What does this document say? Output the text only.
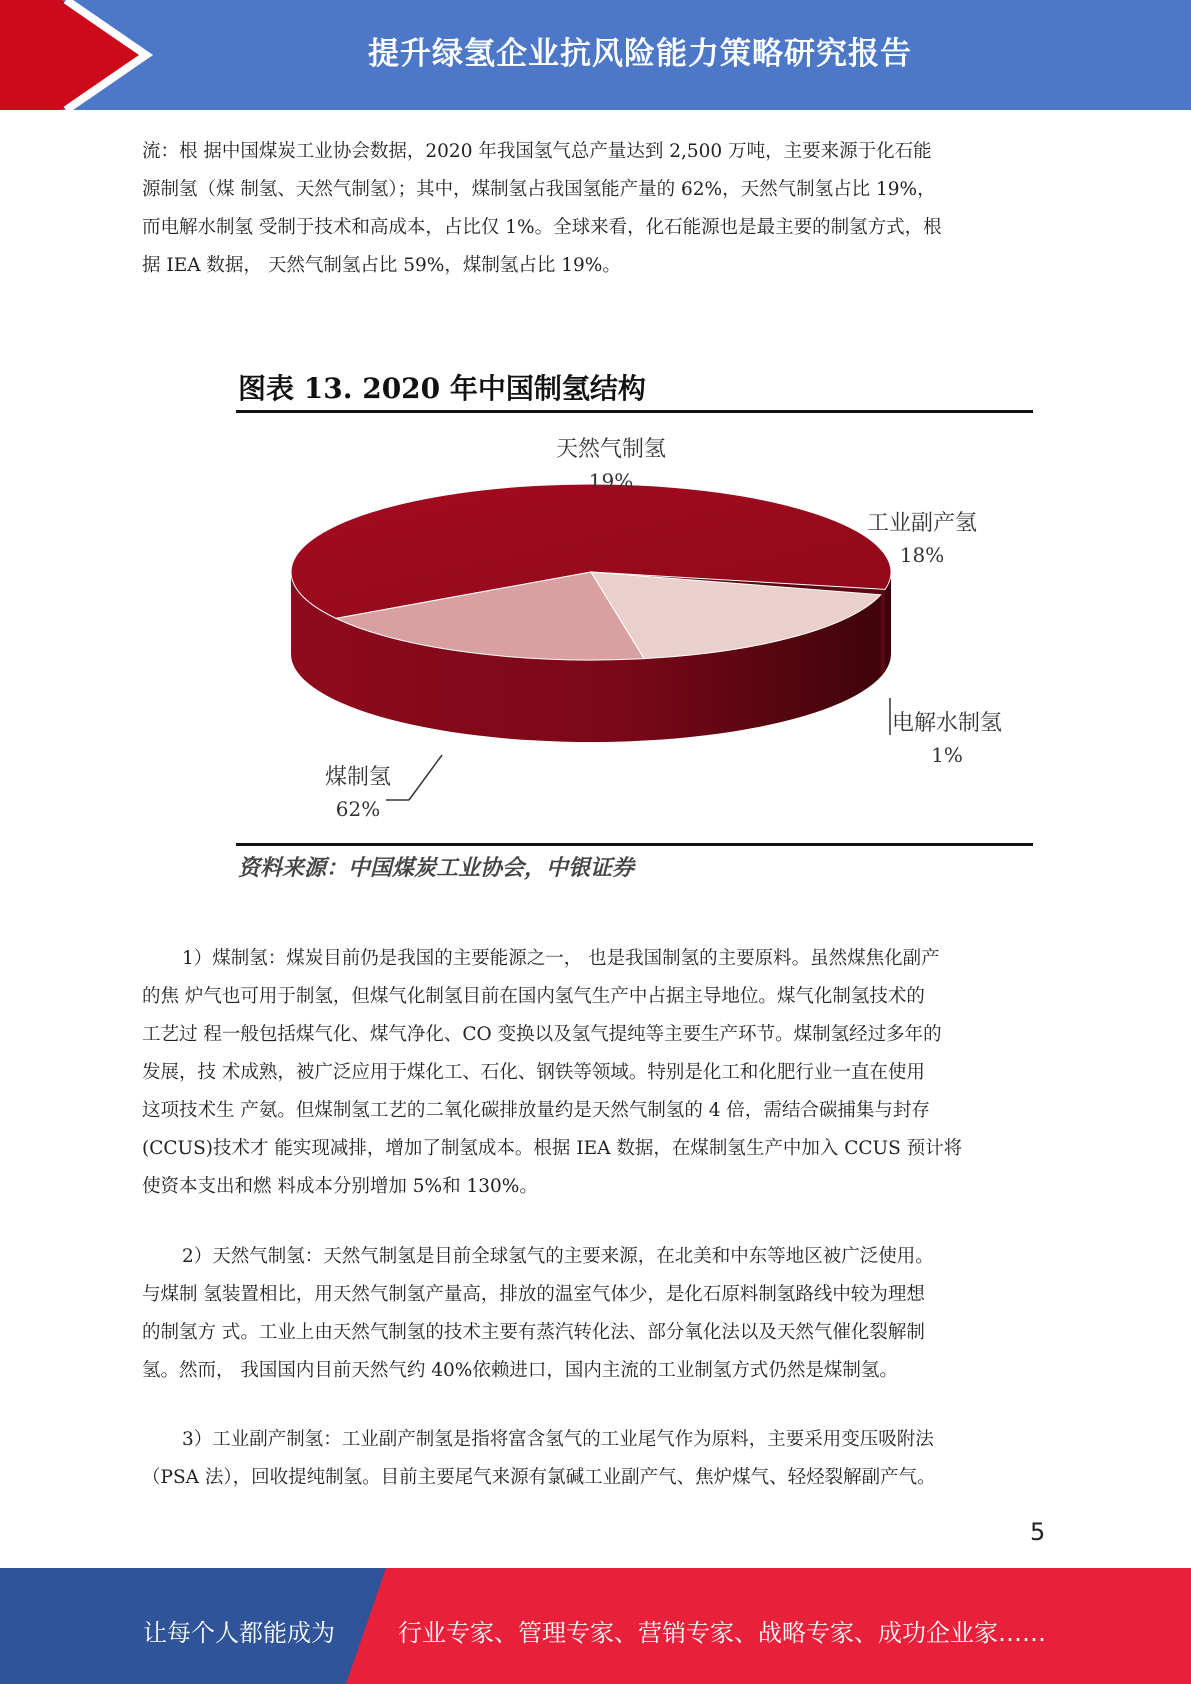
提升绿氢企业抗风险能力策略研究报告

流：根 据中国煤炭工业协会数据，2020 年我国氢气总产量达到 2,500 万吨，主要来源于化石能
源制氢（煤 制氢、天然气制氢）；其中，煤制氢占我国氢能产量的 62%，天然气制氢占比 19%，
而电解水制氢 受制于技术和高成本，占比仅 1%。全球来看，化石能源也是最主要的制氢方式，根
据 IEA 数据， 天然气制氢占比 59%，煤制氢占比 19%。

图表 13. 2020 年中国制氢结构
天然气制氢
19%
工业副产氢
18%
电解水制氢
1%
煤制氢
62%
资料来源：中国煤炭工业协会，中银证券

1）煤制氢：煤炭目前仍是我国的主要能源之一， 也是我国制氢的主要原料。虽然煤焦化副产
的焦 炉气也可用于制氢，但煤气化制氢目前在国内氢气生产中占据主导地位。煤气化制氢技术的
工艺过 程一般包括煤气化、煤气净化、CO 变换以及氢气提纯等主要生产环节。煤制氢经过多年的
发展，技 术成熟，被广泛应用于煤化工、石化、钢铁等领域。特别是化工和化肥行业一直在使用
这项技术生 产氨。但煤制氢工艺的二氧化碳排放量约是天然气制氢的 4 倍，需结合碳捕集与封存
(CCUS)技术才 能实现减排，增加了制氢成本。根据 IEA 数据，在煤制氢生产中加入 CCUS 预计将
使资本支出和燃 料成本分别增加 5%和 130%。

2）天然气制氢：天然气制氢是目前全球氢气的主要来源，在北美和中东等地区被广泛使用。
与煤制 氢装置相比，用天然气制氢产量高，排放的温室气体少，是化石原料制氢路线中较为理想
的制氢方 式。工业上由天然气制氢的技术主要有蒸汽转化法、部分氧化法以及天然气催化裂解制
氢。然而， 我国国内目前天然气约 40%依赖进口，国内主流的工业制氢方式仍然是煤制氢。

3）工业副产制氢：工业副产制氢是指将富含氢气的工业尾气作为原料，主要采用变压吸附法
（PSA 法），回收提纯制氢。目前主要尾气来源有氯碱工业副产气、焦炉煤气、轻烃裂解副产气。

5
让每个人都能成为	行业专家、管理专家、营销专家、战略专家、成功企业家……
